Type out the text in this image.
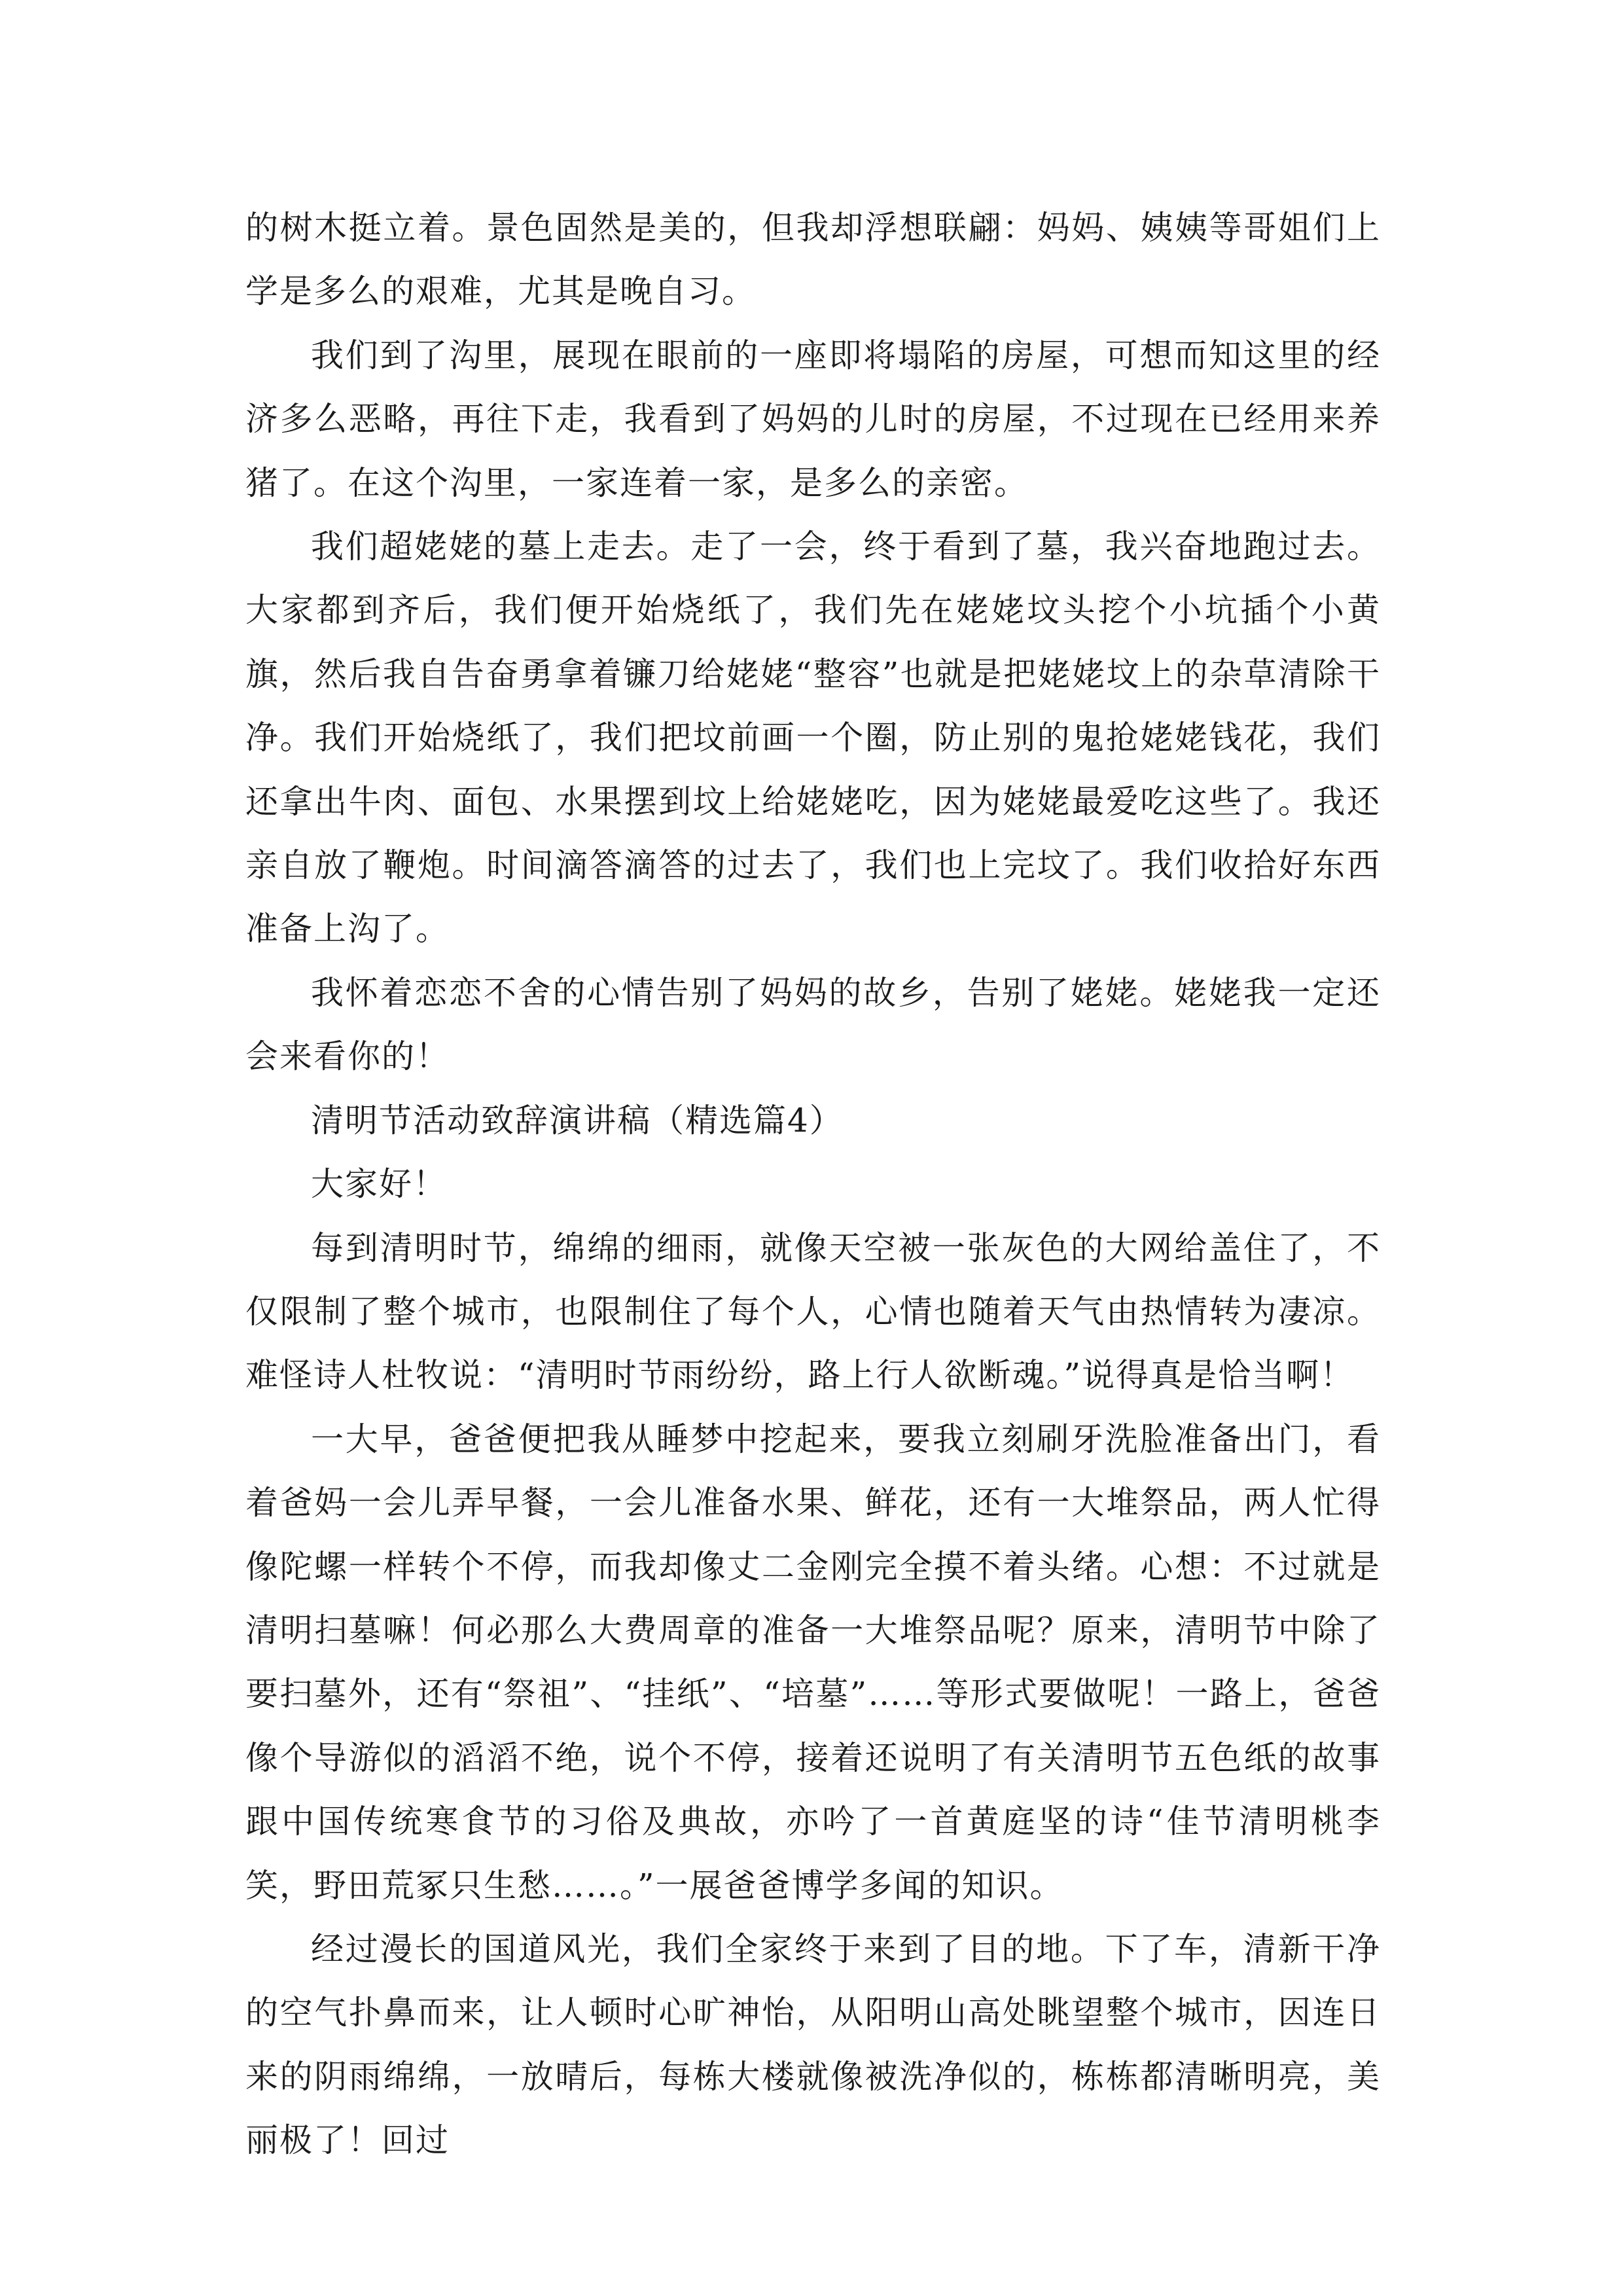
的树木挺立着。景色固然是美的，但我却浮想联翩：妈妈、姨姨等哥姐们上学是多么的艰难，尤其是晚自习。

我们到了沟里，展现在眼前的一座即将塌陷的房屋，可想而知这里的经济多么恶略，再往下走，我看到了妈妈的儿时的房屋，不过现在已经用来养猪了。在这个沟里，一家连着一家，是多么的亲密。

我们超姥姥的墓上走去。走了一会，终于看到了墓，我兴奋地跑过去。大家都到齐后，我们便开始烧纸了，我们先在姥姥坟头挖个小坑插个小黄旗，然后我自告奋勇拿着镰刀给姥姥“整容”也就是把姥姥坟上的杂草清除干净。我们开始烧纸了，我们把坟前画一个圈，防止别的鬼抢姥姥钱花，我们还拿出牛肉、面包、水果摆到坟上给姥姥吃，因为姥姥最爱吃这些了。我还亲自放了鞭炮。时间滴答滴答的过去了，我们也上完坟了。我们收拾好东西准备上沟了。

我怀着恋恋不舍的心情告别了妈妈的故乡，告别了姥姥。姥姥我一定还会来看你的！

清明节活动致辞演讲稿（精选篇4）

大家好！

每到清明时节，绵绵的细雨，就像天空被一张灰色的大网给盖住了，不仅限制了整个城市，也限制住了每个人，心情也随着天气由热情转为凄凉。难怪诗人杜牧说：“清明时节雨纷纷，路上行人欲断魂。”说得真是恰当啊！

一大早，爸爸便把我从睡梦中挖起来，要我立刻刷牙洗脸准备出门，看着爸妈一会儿弄早餐，一会儿准备水果、鲜花，还有一大堆祭品，两人忙得像陀螺一样转个不停，而我却像丈二金刚完全摸不着头绪。心想：不过就是清明扫墓嘛！何必那么大费周章的准备一大堆祭品呢？原来，清明节中除了要扫墓外，还有“祭祖”、“挂纸”、“培墓”……等形式要做呢！一路上，爸爸像个导游似的滔滔不绝，说个不停，接着还说明了有关清明节五色纸的故事跟中国传统寒食节的习俗及典故，亦吟了一首黄庭坚的诗“佳节清明桃李笑，野田荒冢只生愁……。”一展爸爸博学多闻的知识。

经过漫长的国道风光，我们全家终于来到了目的地。下了车，清新干净的空气扑鼻而来，让人顿时心旷神怡，从阳明山高处眺望整个城市，因连日来的阴雨绵绵，一放晴后，每栋大楼就像被洗净似的，栋栋都清晰明亮，美丽极了！回过
